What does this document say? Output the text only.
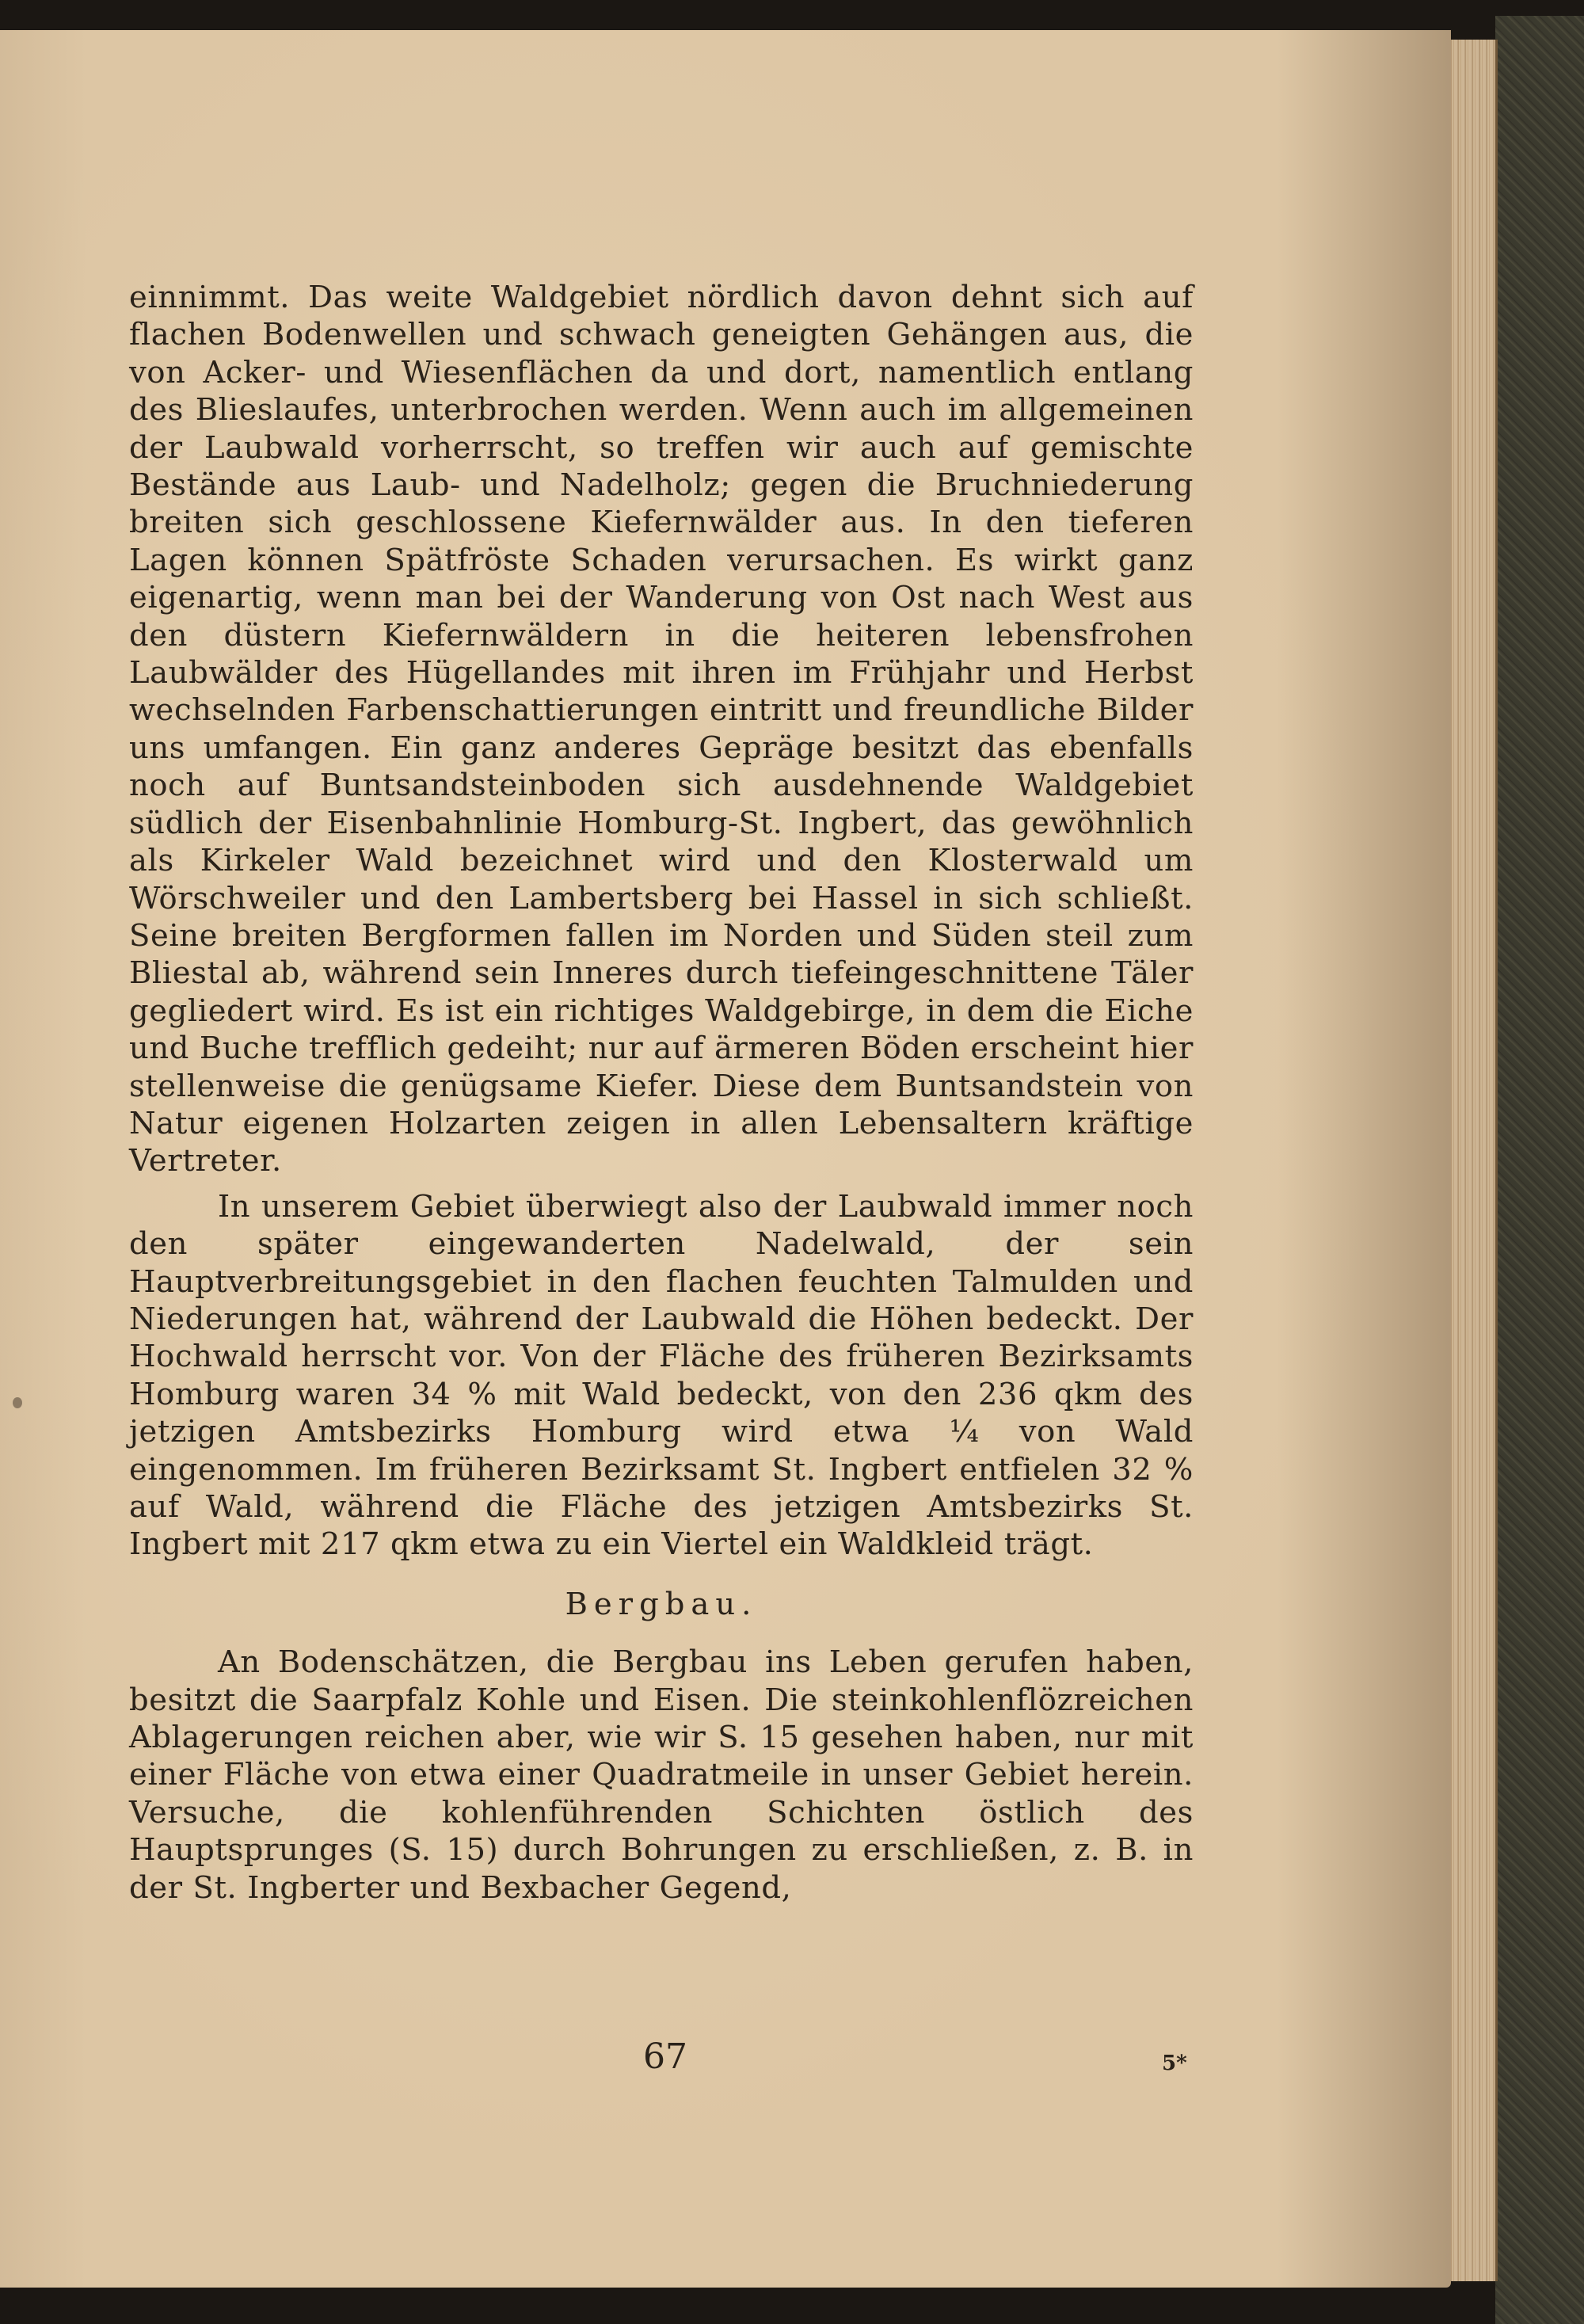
einnimmt. Das weite Waldgebiet nördlich davon dehnt sich auf flachen Bodenwellen und schwach geneigten Gehängen aus, die von Acker- und Wiesenflächen da und dort, namentlich entlang des Blieslaufes, unterbrochen werden. Wenn auch im allgemeinen der Laubwald vorherrscht, so treffen wir auch auf gemischte Bestände aus Laub- und Nadelholz; gegen die Bruchniederung breiten sich geschlossene Kiefernwälder aus. In den tieferen Lagen können Spätfröste Schaden verursachen. Es wirkt ganz eigenartig, wenn man bei der Wanderung von Ost nach West aus den düstern Kiefernwäldern in die heiteren lebensfrohen Laubwälder des Hügellandes mit ihren im Frühjahr und Herbst wechselnden Farbenschattierungen eintritt und freundliche Bilder uns umfangen. Ein ganz anderes Gepräge besitzt das ebenfalls noch auf Buntsandsteinboden sich ausdehnende Waldgebiet südlich der Eisenbahnlinie Homburg-St. Ingbert, das gewöhnlich als Kirkeler Wald bezeichnet wird und den Klosterwald um Wörschweiler und den Lambertsberg bei Hassel in sich schließt. Seine breiten Bergformen fallen im Norden und Süden steil zum Bliestal ab, während sein Inneres durch tiefeingeschnittene Täler gegliedert wird. Es ist ein richtiges Waldgebirge, in dem die Eiche und Buche trefflich gedeiht; nur auf ärmeren Böden erscheint hier stellenweise die genügsame Kiefer. Diese dem Buntsandstein von Natur eigenen Holzarten zeigen in allen Lebensaltern kräftige Vertreter.

In unserem Gebiet überwiegt also der Laubwald immer noch den später eingewanderten Nadelwald, der sein Hauptverbreitungsgebiet in den flachen feuchten Talmulden und Niederungen hat, während der Laubwald die Höhen bedeckt. Der Hochwald herrscht vor. Von der Fläche des früheren Bezirksamts Homburg waren 34 % mit Wald bedeckt, von den 236 qkm des jetzigen Amtsbezirks Homburg wird etwa ¼ von Wald eingenommen. Im früheren Bezirksamt St. Ingbert entfielen 32 % auf Wald, während die Fläche des jetzigen Amtsbezirks St. Ingbert mit 217 qkm etwa zu ein Viertel ein Waldkleid trägt.

Bergbau.

An Bodenschätzen, die Bergbau ins Leben gerufen haben, besitzt die Saarpfalz Kohle und Eisen. Die steinkohlenflözreichen Ablagerungen reichen aber, wie wir S. 15 gesehen haben, nur mit einer Fläche von etwa einer Quadratmeile in unser Gebiet herein. Versuche, die kohlenführenden Schichten östlich des Hauptsprunges (S. 15) durch Bohrungen zu erschließen, z. B. in der St. Ingberter und Bexbacher Gegend,

67	5*
